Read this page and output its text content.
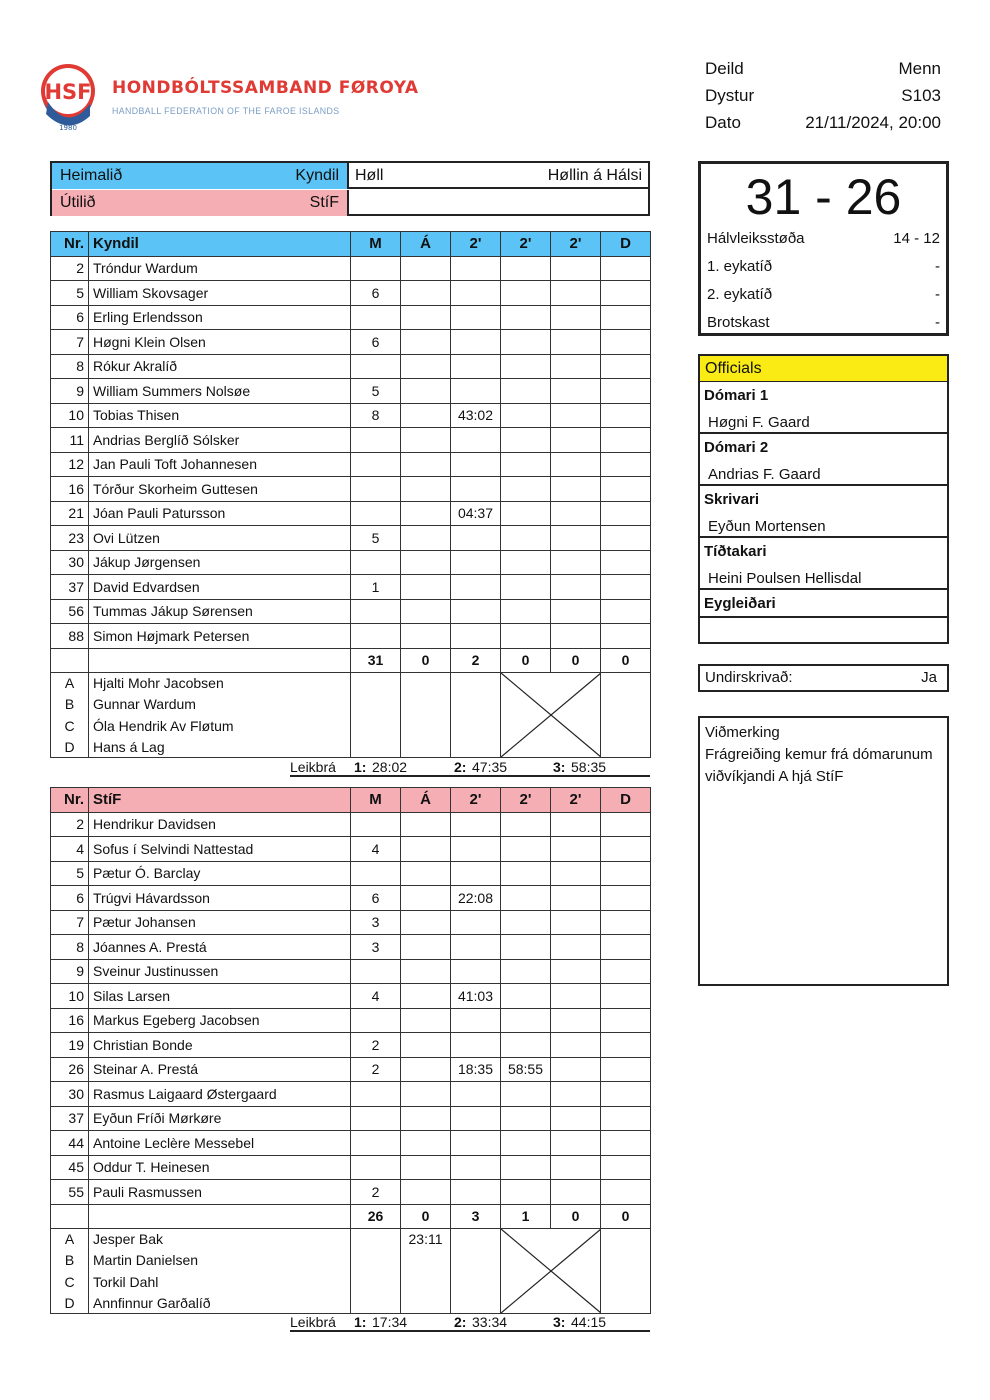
HSF
1980
HONDBÓLTSSAMBAND FØROYA
HANDBALL FEDERATION OF THE FAROE ISLANDS
Deild	Menn
Dystur	S103
Dato	21/11/2024, 20:00
Heimalið	Kyndil Høll	Høllin á Hálsi
Útilið	StíF
Nr.	Kyndil	M	Á	2'	2'	2'	D
2	Tróndur Wardum						
5	William Skovsager	6					
6	Erling Erlendsson						
7	Høgni Klein Olsen	6					
8	Rókur Akralíð						
9	William Summers Nolsøe	5					
10	Tobias Thisen	8		43:02			
11	Andrias Berglíð Sólsker						
12	Jan Pauli Toft Johannesen						
16	Tórður Skorheim Guttesen						
21	Jóan Pauli Patursson			04:37			
23	Ovi Lützen	5					
30	Jákup Jørgensen						
37	David Edvardsen	1					
56	Tummas Jákup Sørensen						
88	Simon Højmark Petersen						
		31	0	2	0	0	0
A	Hjalti Mohr Jacobsen				

B	Gunnar Wardum						
C	Óla Hendrik Av Fløtum						
D	Hans á Lag						
Leikbrá 1: 28:02	2: 47:35	3: 58:35
Nr.	StíF	M	Á	2'	2'	2'	D
2	Hendrikur Davidsen						
4	Sofus í Selvindi Nattestad	4					
5	Pætur Ó. Barclay						
6	Trúgvi Hávardsson	6		22:08			
7	Pætur Johansen	3					
8	Jóannes A. Prestá	3					
9	Sveinur Justinussen						
10	Silas Larsen	4		41:03			
16	Markus Egeberg Jacobsen						
19	Christian Bonde	2					
26	Steinar A. Prestá	2		18:35	58:55		
30	Rasmus Laigaard Østergaard						
37	Eyðun Fríði Mørkøre						
44	Antoine Leclère Messebel						
45	Oddur T. Heinesen						
55	Pauli Rasmussen	2					
		26	0	3	1	0	0
A	Jesper Bak		23:11		

B	Martin Danielsen						
C	Torkil Dahl						
D	Annfinnur Garðalíð						
Leikbrá 1: 17:34	2: 33:34	3: 44:15
31 - 26
Hálvleiksstøða	14 - 12
1. eykatíð	-
2. eykatíð	-
Brotskast	-
Officials
Dómari 1
Høgni F. Gaard
Dómari 2
Andrias F. Gaard
Skrivari
Eyðun Mortensen
Tíðtakari
Heini Poulsen Hellisdal
Eygleiðari
Undirskrivað:	Ja
Viðmerking
Frágreiðing kemur frá dómarunum viðvíkjandi A hjá StíF
